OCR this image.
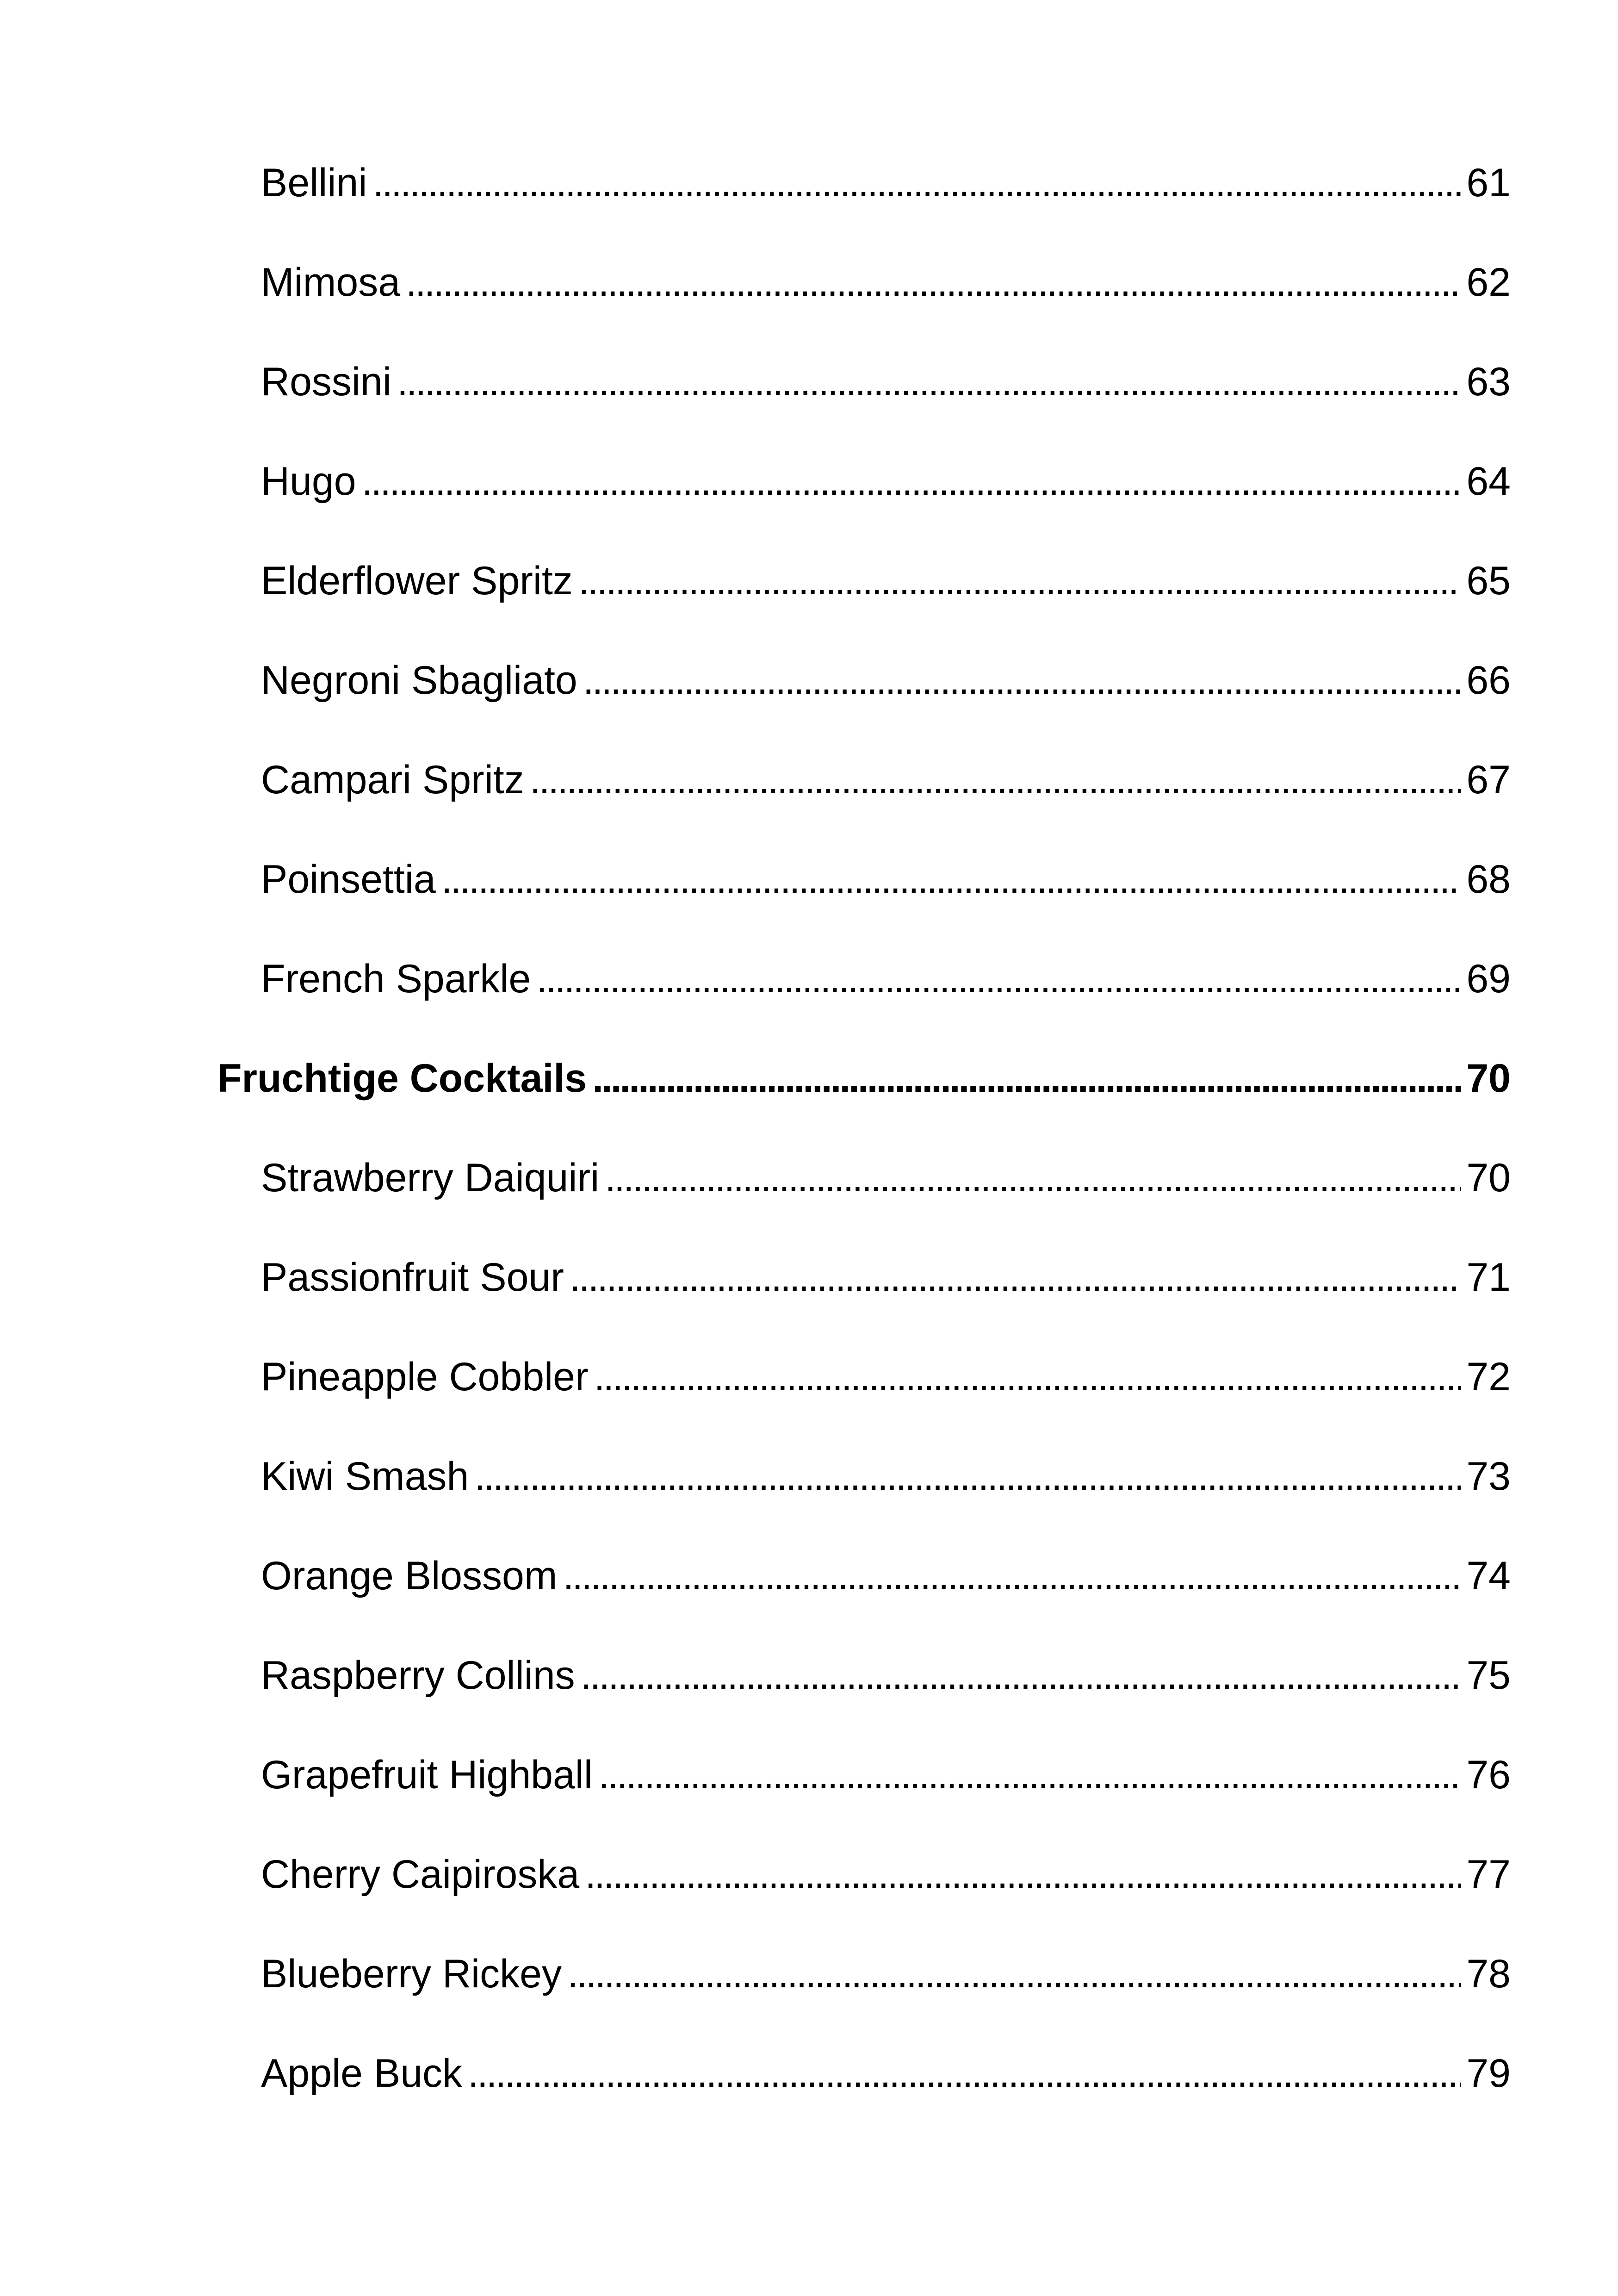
Bellini . . .	61
Mimosa . . .	62
Rossini . . .	63
Hugo . . .	64
Elderflower Spritz . . .	65
Negroni Sbagliato . . .	66
Campari Spritz . . .	67
Poinsettia . . .	68
French Sparkle . . .	69
Fruchtige Cocktails . . .	70
Strawberry Daiquiri . . .	70
Passionfruit Sour . . .	71
Pineapple Cobbler . . .	72
Kiwi Smash . . .	73
Orange Blossom . . .	74
Raspberry Collins . . .	75
Grapefruit Highball . . .	76
Cherry Caipiroska . . .	77
Blueberry Rickey . . .	78
Apple Buck . . .	79
